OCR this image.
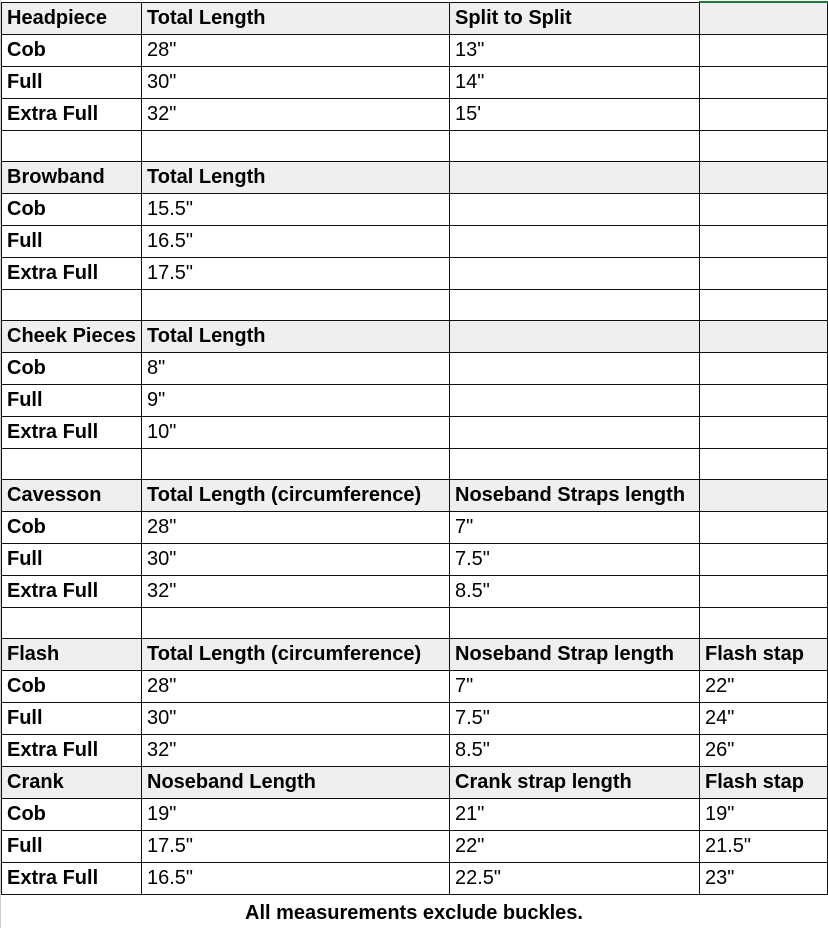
Headpiece	Total Length	Split to Split	
Cob	28"	13"	
Full	30"	14"	
Extra Full	32"	15'	

Browband	Total Length		
Cob	15.5"		
Full	16.5"		
Extra Full	17.5"		

Cheek Pieces	Total Length		
Cob	8"		
Full	9"		
Extra Full	10"		

Cavesson	Total Length (circumference)	Noseband Straps length	
Cob	28"	7"	
Full	30"	7.5"	
Extra Full	32"	8.5"	

Flash	Total Length (circumference)	Noseband Strap length	Flash stap
Cob	28"	7"	22"
Full	30"	7.5"	24"
Extra Full	32"	8.5"	26"
Crank	Noseband Length	Crank strap length	Flash stap
Cob	19"	21"	19"
Full	17.5"	22"	21.5"
Extra Full	16.5"	22.5"	23"
All measurements exclude buckles.
